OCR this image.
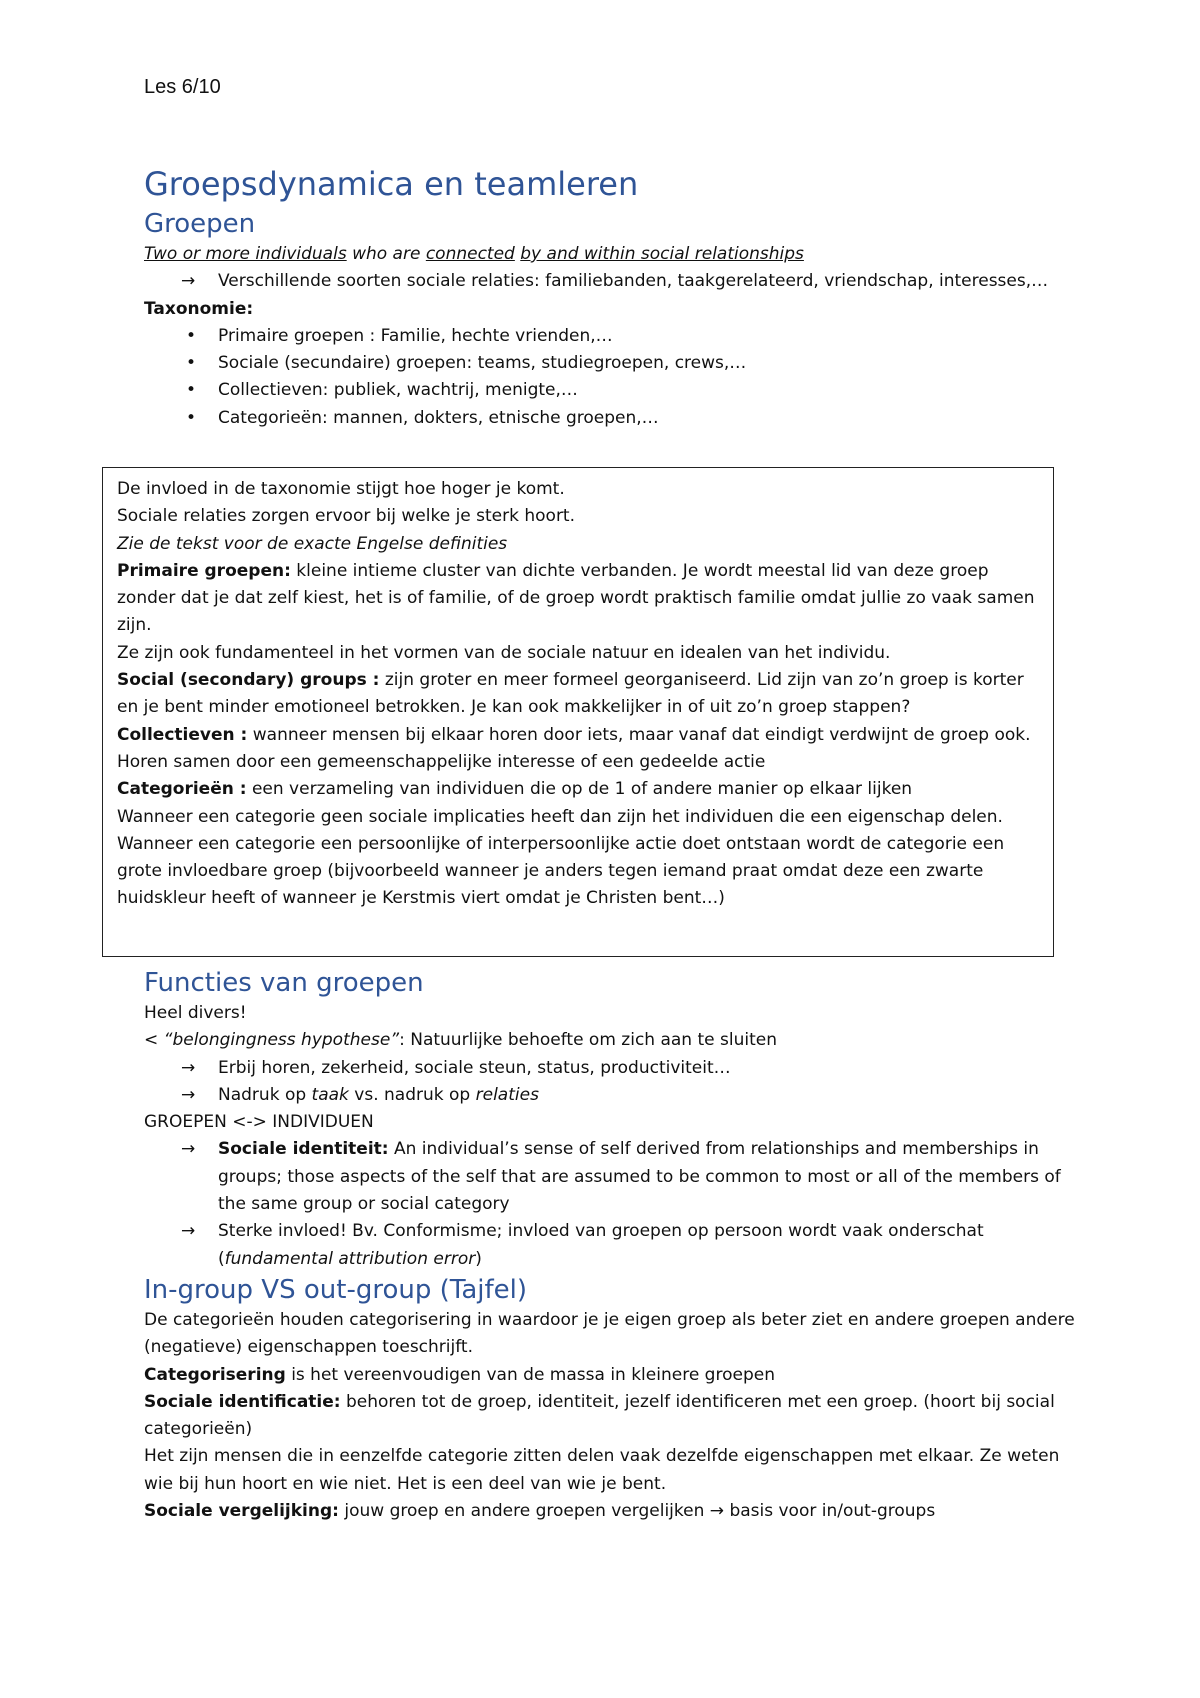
Les 6/10
Groepsdynamica en teamleren
Groepen

Two or more individuals who are connected by and within social relationships

→ Verschillende soorten sociale relaties: familiebanden, taakgerelateerd, vriendschap, interesses,…

Taxonomie:

• Primaire groepen : Familie, hechte vrienden,…

• Sociale (secundaire) groepen: teams, studiegroepen, crews,…

• Collectieven: publiek, wachtrij, menigte,…

• Categorieën: mannen, dokters, etnische groepen,…

De invloed in de taxonomie stijgt hoe hoger je komt.

Sociale relaties zorgen ervoor bij welke je sterk hoort.

Zie de tekst voor de exacte Engelse definities

Primaire groepen: kleine intieme cluster van dichte verbanden. Je wordt meestal lid van deze groep zonder dat je dat zelf kiest, het is of familie, of de groep wordt praktisch familie omdat jullie zo vaak samen zijn.

Ze zijn ook fundamenteel in het vormen van de sociale natuur en idealen van het individu.

Social (secondary) groups : zijn groter en meer formeel georganiseerd. Lid zijn van zo’n groep is korter en je bent minder emotioneel betrokken. Je kan ook makkelijker in of uit zo’n groep stappen?

Collectieven : wanneer mensen bij elkaar horen door iets, maar vanaf dat eindigt verdwijnt de groep ook. Horen samen door een gemeenschappelijke interesse of een gedeelde actie

Categorieën : een verzameling van individuen die op de 1 of andere manier op elkaar lijken

Wanneer een categorie geen sociale implicaties heeft dan zijn het individuen die een eigenschap delen.

Wanneer een categorie een persoonlijke of interpersoonlijke actie doet ontstaan wordt de categorie een grote invloedbare groep (bijvoorbeeld wanneer je anders tegen iemand praat omdat deze een zwarte huidskleur heeft of wanneer je Kerstmis viert omdat je Christen bent…)

Functies van groepen

Heel divers!

< “belongingness hypothese”: Natuurlijke behoefte om zich aan te sluiten

→ Erbij horen, zekerheid, sociale steun, status, productiviteit…

→ Nadruk op taak vs. nadruk op relaties

GROEPEN <-> INDIVIDUEN

→ Sociale identiteit: An individual’s sense of self derived from relationships and memberships in groups; those aspects of the self that are assumed to be common to most or all of the members of the same group or social category

→ Sterke invloed! Bv. Conformisme; invloed van groepen op persoon wordt vaak onderschat (fundamental attribution error)

In-group VS out-group (Tajfel)

De categorieën houden categorisering in waardoor je je eigen groep als beter ziet en andere groepen andere (negatieve) eigenschappen toeschrijft.

Categorisering is het vereenvoudigen van de massa in kleinere groepen

Sociale identificatie: behoren tot de groep, identiteit, jezelf identificeren met een groep. (hoort bij social categorieën)

Het zijn mensen die in eenzelfde categorie zitten delen vaak dezelfde eigenschappen met elkaar. Ze weten wie bij hun hoort en wie niet. Het is een deel van wie je bent.

Sociale vergelijking: jouw groep en andere groepen vergelijken → basis voor in/out-groups
